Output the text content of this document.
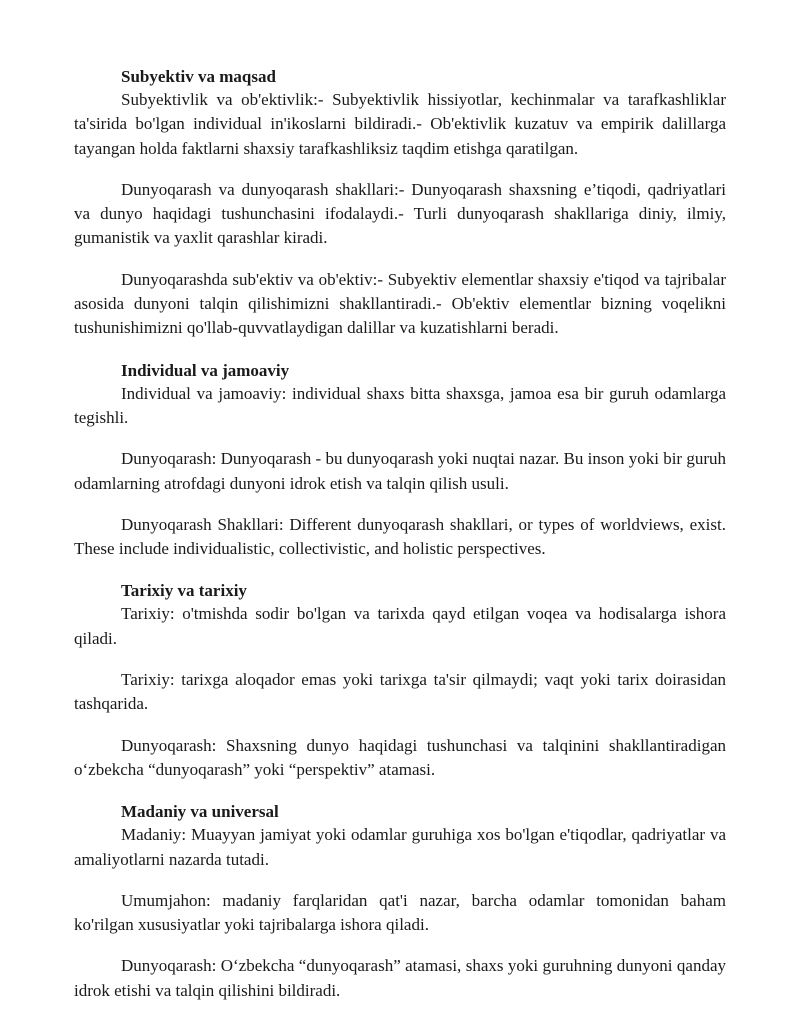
Subyektiv va maqsad

Subyektivlik va ob'ektivlik:- Subyektivlik hissiyotlar, kechinmalar va tarafkashliklar ta'sirida bo'lgan individual in'ikoslarni bildiradi.- Ob'ektivlik kuzatuv va empirik dalillarga tayangan holda faktlarni shaxsiy tarafkashliksiz taqdim etishga qaratilgan.

Dunyoqarash va dunyoqarash shakllari:- Dunyoqarash shaxsning e’tiqodi, qadriyatlari va dunyo haqidagi tushunchasini ifodalaydi.- Turli dunyoqarash shakllariga diniy, ilmiy, gumanistik va yaxlit qarashlar kiradi.

Dunyoqarashda sub'ektiv va ob'ektiv:- Subyektiv elementlar shaxsiy e'tiqod va tajribalar asosida dunyoni talqin qilishimizni shakllantiradi.- Ob'ektiv elementlar bizning voqelikni tushunishimizni qo'llab-quvvatlaydigan dalillar va kuzatishlarni beradi.

Individual va jamoaviy

Individual va jamoaviy: individual shaxs bitta shaxsga, jamoa esa bir guruh odamlarga tegishli.

Dunyoqarash: Dunyoqarash - bu dunyoqarash yoki nuqtai nazar. Bu inson yoki bir guruh odamlarning atrofdagi dunyoni idrok etish va talqin qilish usuli.

Dunyoqarash Shakllari: Different dunyoqarash shakllari, or types of worldviews, exist. These include individualistic, collectivistic, and holistic perspectives.

Tarixiy va tarixiy

Tarixiy: o'tmishda sodir bo'lgan va tarixda qayd etilgan voqea va hodisalarga ishora qiladi.

Tarixiy: tarixga aloqador emas yoki tarixga ta'sir qilmaydi; vaqt yoki tarix doirasidan tashqarida.

Dunyoqarash: Shaxsning dunyo haqidagi tushunchasi va talqinini shakllantiradigan o‘zbekcha “dunyoqarash” yoki “perspektiv” atamasi.

Madaniy va universal

Madaniy: Muayyan jamiyat yoki odamlar guruhiga xos bo'lgan e'tiqodlar, qadriyatlar va amaliyotlarni nazarda tutadi.

Umumjahon: madaniy farqlaridan qat'i nazar, barcha odamlar tomonidan baham ko'rilgan xususiyatlar yoki tajribalarga ishora qiladi.

Dunyoqarash: O‘zbekcha “dunyoqarash” atamasi, shaxs yoki guruhning dunyoni qanday idrok etishi va talqin qilishini bildiradi.
